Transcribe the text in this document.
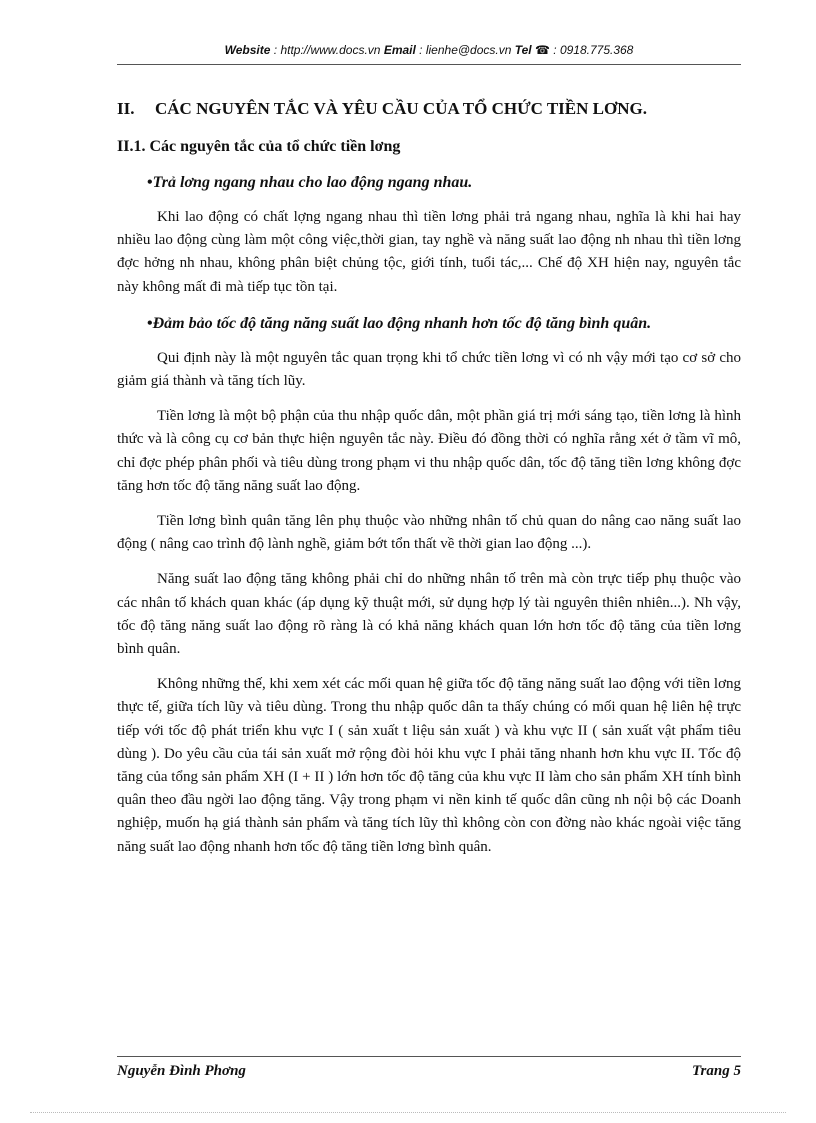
Website : http://www.docs.vn Email : lienhe@docs.vn Tel ☎ : 0918.775.368
II. CÁC NGUYÊN TẮC VÀ YÊU CẦU CỦA TỔ CHỨC TIỀN LƠNG.
II.1. Các nguyên tắc của tổ chức tiền lơng
•Trả lơng ngang nhau cho lao động ngang nhau.

Khi lao động có chất lợng ngang nhau thì tiền lơng phải trả ngang nhau, nghĩa là khi hai hay nhiều lao động cùng làm một công việc,thời gian, tay nghề và năng suất lao động nh nhau thì tiền lơng đợc hởng nh nhau, không phân biệt chủng tộc, giới tính, tuổi tác,... Chế độ XH hiện nay, nguyên tắc này không mất đi mà tiếp tục tồn tại.

•Đảm bảo tốc độ tăng năng suất lao động nhanh hơn tốc độ tăng bình quân.

Qui định này là một nguyên tắc quan trọng khi tổ chức tiền lơng vì có nh vậy mới tạo cơ sở cho giảm giá thành và tăng tích lũy.

Tiền lơng là một bộ phận của thu nhập quốc dân, một phần giá trị mới sáng tạo, tiền lơng là hình thức và là công cụ cơ bản thực hiện nguyên tắc này. Điều đó đồng thời có nghĩa rằng xét ở tầm vĩ mô, chỉ đợc phép phân phối và tiêu dùng trong phạm vi thu nhập quốc dân, tốc độ tăng tiền lơng không đợc tăng hơn tốc độ tăng năng suất lao động.

Tiền lơng bình quân tăng lên phụ thuộc vào những nhân tố chủ quan do nâng cao năng suất lao động ( nâng cao trình độ lành nghề, giảm bớt tổn thất về thời gian lao động ...).

Năng suất lao động tăng không phải chỉ do những nhân tố trên mà còn trực tiếp phụ thuộc vào các nhân tố khách quan khác (áp dụng kỹ thuật mới, sử dụng hợp lý tài nguyên thiên nhiên...). Nh vậy, tốc độ tăng năng suất lao động rõ ràng là có khả năng khách quan lớn hơn tốc độ tăng của tiền lơng bình quân.

Không những thế, khi xem xét các mối quan hệ giữa tốc độ tăng năng suất lao động với tiền lơng thực tế, giữa tích lũy và tiêu dùng. Trong thu nhập quốc dân ta thấy chúng có mối quan hệ liên hệ trực tiếp với tốc độ phát triển khu vực I ( sản xuất t liệu sản xuất ) và khu vực II ( sản xuất vật phẩm tiêu dùng ). Do yêu cầu của tái sản xuất mở rộng đòi hỏi khu vực I phải tăng nhanh hơn khu vực II. Tốc độ tăng của tổng sản phẩm XH (I + II ) lớn hơn tốc độ tăng của khu vực II làm cho sản phẩm XH tính bình quân theo đầu ngời lao động tăng. Vậy trong phạm vi nền kinh tế quốc dân cũng nh nội bộ các Doanh nghiệp, muốn hạ giá thành sản phẩm và tăng tích lũy thì không còn con đờng nào khác ngoài việc tăng năng suất lao động nhanh hơn tốc độ tăng tiền lơng bình quân.

Nguyễn Đình Phơng	Trang 5
